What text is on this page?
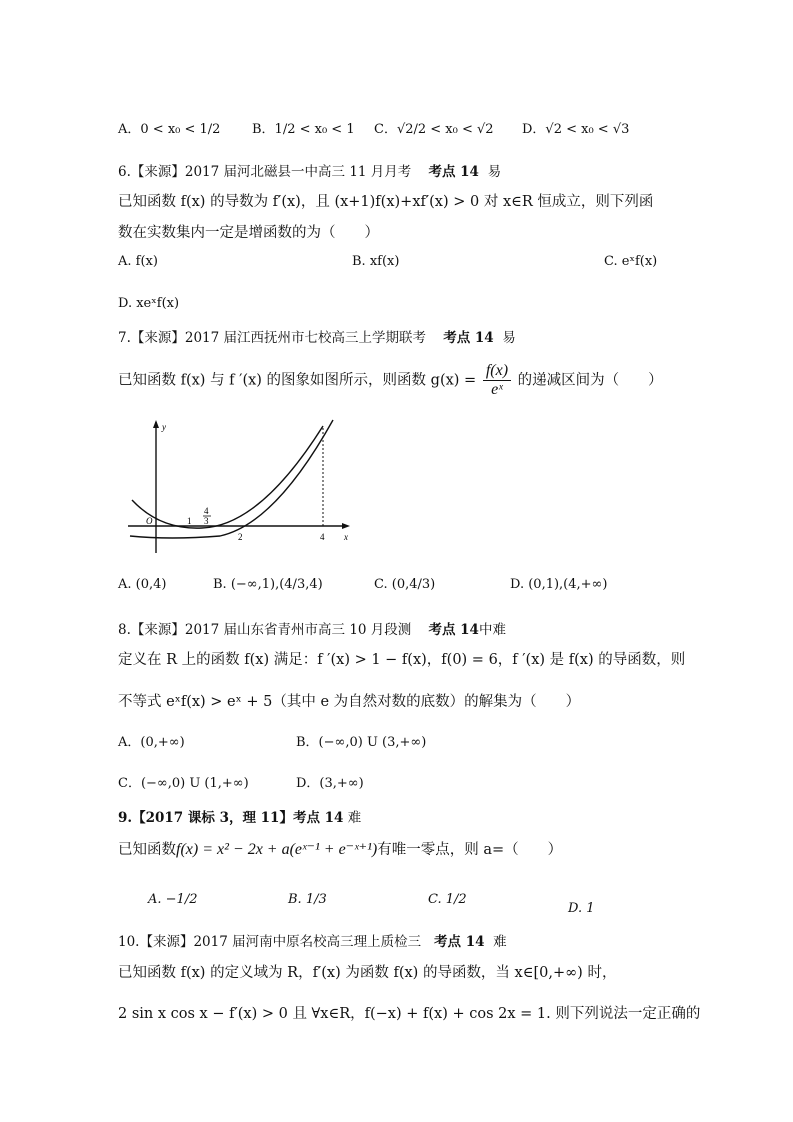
A．0 < x₀ < 1/2 B．1/2 < x₀ < 1 C．√2/2 < x₀ < √2 D．√2 < x₀ < √3
6.【来源】2017 届河北磁县一中高三 11 月月考 考点 14 易
已知函数 f(x) 的导数为 f′(x)，且 (x+1)f(x)+xf′(x) > 0 对 x∈R 恒成立，则下列函
数在实数集内一定是增函数的为（　　）
A. f(x)	B. xf(x)	C. eˣf(x)
D. xeˣf(x)
7.【来源】2017 届江西抚州市七校高三上学期联考 考点 14 易
已知函数 f(x) 与 f ′(x) 的图象如图所示，则函数 $g(x) = \frac{f(x)}{\text{eˣ}}$ 的递减区间为（　　）
y
x
O	1
4
3
2	4
A. (0,4)	B. (−∞,1),(4/3,4)	C. (0,4/3)	D. (0,1),(4,+∞)
8.【来源】2017 届山东省青州市高三 10 月段测 考点 14中难
定义在 R 上的函数 f(x) 满足：f ′(x) > 1 − f(x)，f(0) = 6，f ′(x) 是 f(x) 的导函数，则
不等式 eˣf(x) > eˣ + 5（其中 e 为自然对数的底数）的解集为（　　）
A．(0,+∞)	B．(−∞,0) U (3,+∞)
C．(−∞,0) U (1,+∞)	D．(3,+∞)
9.【2017 课标 3，理 11】考点 14 难
已知函数f(x) = x² − 2x + a(eˣ⁻¹ + e⁻ˣ⁺¹)有唯一零点，则 a=（　　）
A. −1/2	B. 1/3	C. 1/2
D. 1
10.【来源】2017 届河南中原名校高三理上质检三 考点 14 难
已知函数 f(x) 的定义域为 R，f′(x) 为函数 f(x) 的导函数，当 x∈[0,+∞) 时，
2 sin x cos x − f′(x) > 0 且 ∀x∈R，f(−x) + f(x) + cos 2x = 1. 则下列说法一定正确的
